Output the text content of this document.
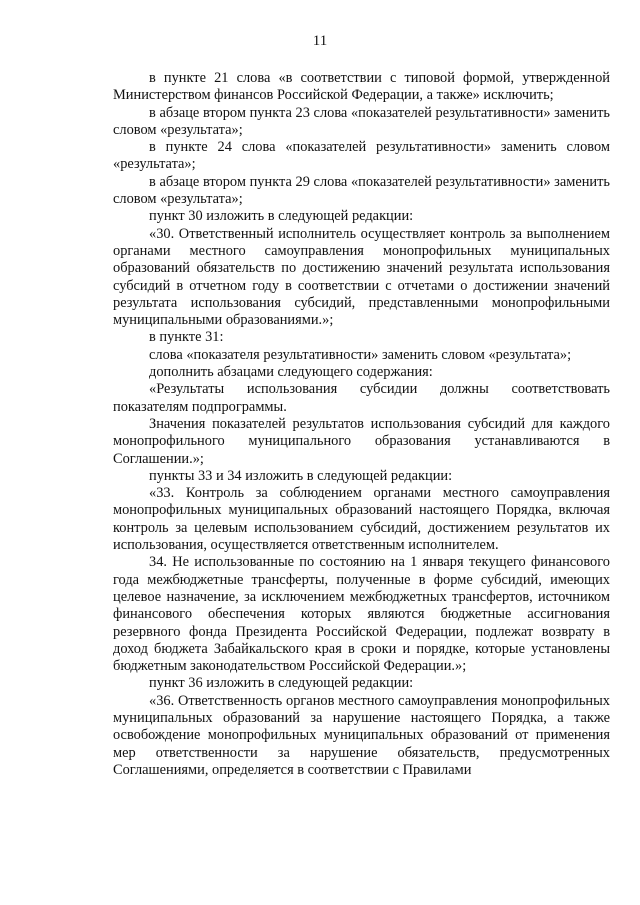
11

в пункте 21 слова «в соответствии с типовой формой, утвержденной Министерством финансов Российской Федерации, а также» исключить;

в абзаце втором пункта 23 слова «показателей результативности» заменить словом «результата»;

в пункте 24 слова «показателей результативности» заменить словом «результата»;

в абзаце втором пункта 29 слова «показателей результативности» заменить словом «результата»;

пункт 30 изложить в следующей редакции:

«30. Ответственный исполнитель осуществляет контроль за выполнением органами местного самоуправления монопрофильных муниципальных образований обязательств по достижению значений результата использования субсидий в отчетном году в соответствии с отчетами о достижении значений результата использования субсидий, представленными монопрофильными муниципальными образованиями.»;

в пункте 31:

слова «показателя результативности» заменить словом «результата»;

дополнить абзацами следующего содержания:

«Результаты использования субсидии должны соответствовать показателям подпрограммы.

Значения показателей результатов использования субсидий для каждого монопрофильного муниципального образования устанавливаются в Соглашении.»;

пункты 33 и 34 изложить в следующей редакции:

«33. Контроль за соблюдением органами местного самоуправления монопрофильных муниципальных образований настоящего Порядка, включая контроль за целевым использованием субсидий, достижением результатов их использования, осуществляется ответственным исполнителем.

34. Не использованные по состоянию на 1 января текущего финансового года межбюджетные трансферты, полученные в форме субсидий, имеющих целевое назначение, за исключением межбюджетных трансфертов, источником финансового обеспечения которых являются бюджетные ассигнования резервного фонда Президента Российской Федерации, подлежат возврату в доход бюджета Забайкальского края в сроки и порядке, которые установлены бюджетным законодательством Российской Федерации.»;

пункт 36 изложить в следующей редакции:

«36. Ответственность органов местного самоуправления монопрофильных муниципальных образований за нарушение настоящего Порядка, а также освобождение монопрофильных муниципальных образований от применения мер ответственности за нарушение обязательств, предусмотренных Соглашениями, определяется в соответствии с Правилами
